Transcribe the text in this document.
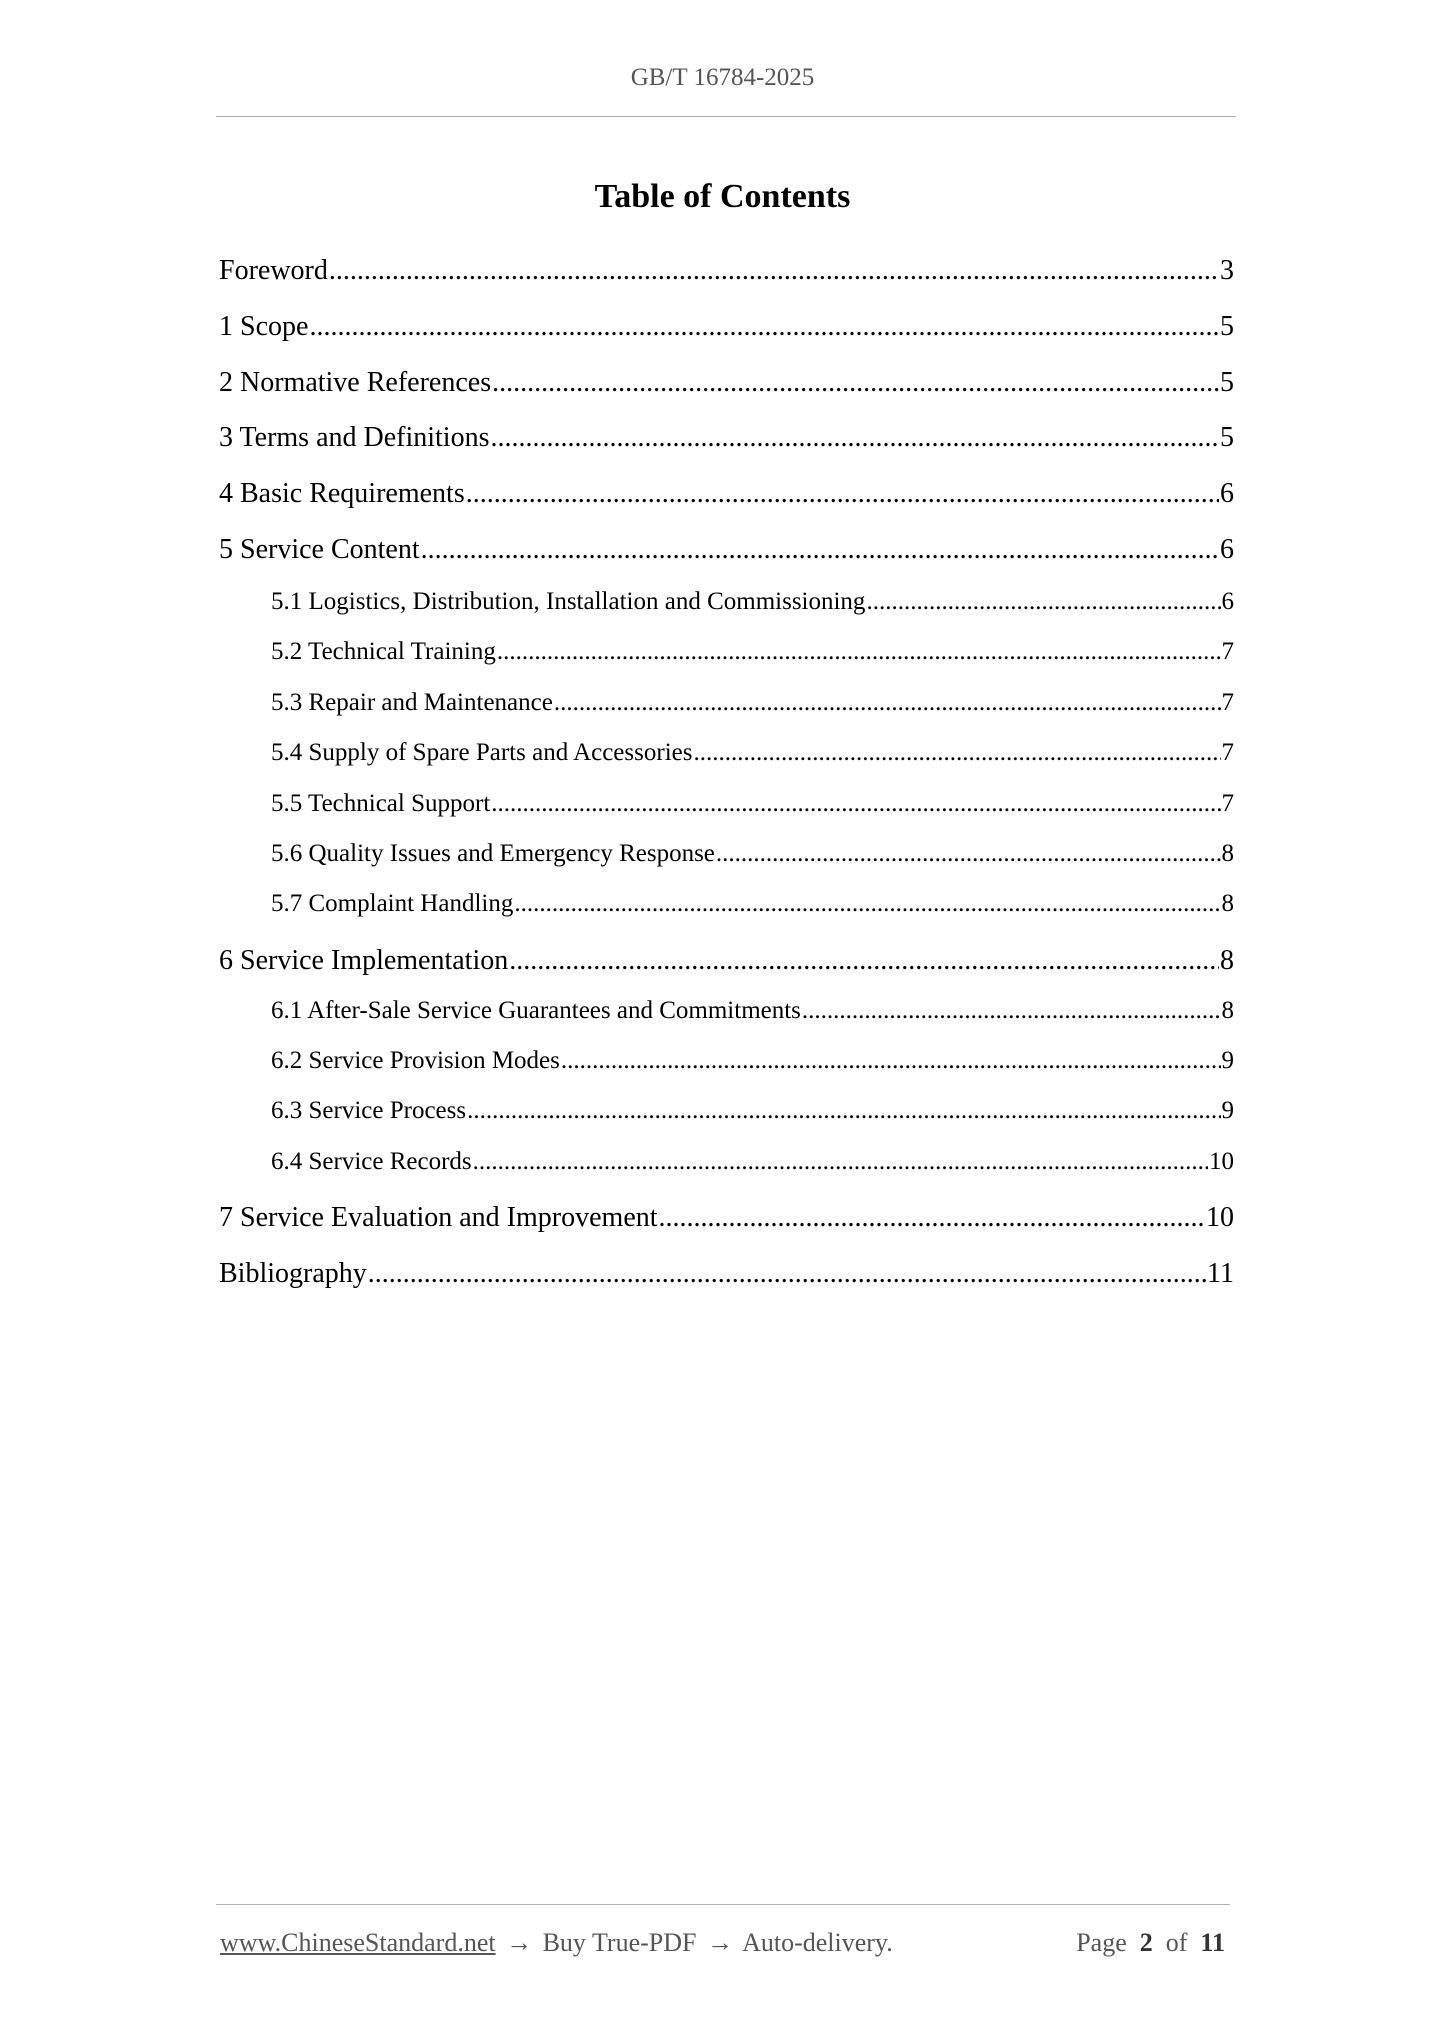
GB/T 16784-2025
Table of Contents
Foreword .....	3
1 Scope .....	5
2 Normative References .....	5
3 Terms and Definitions .....	5
4 Basic Requirements .....	6
5 Service Content .....	6
5.1 Logistics, Distribution, Installation and Commissioning .....	6
5.2 Technical Training .....	7
5.3 Repair and Maintenance .....	7
5.4 Supply of Spare Parts and Accessories .....	7
5.5 Technical Support .....	7
5.6 Quality Issues and Emergency Response .....	8
5.7 Complaint Handling .....	8
6 Service Implementation .....	8
6.1 After-Sale Service Guarantees and Commitments .....	8
6.2 Service Provision Modes .....	9
6.3 Service Process .....	9
6.4 Service Records .....	10
7 Service Evaluation and Improvement .....	10
Bibliography .....	11
www.ChineseStandard.net → Buy True-PDF → Auto-delivery.	Page 2 of 11
